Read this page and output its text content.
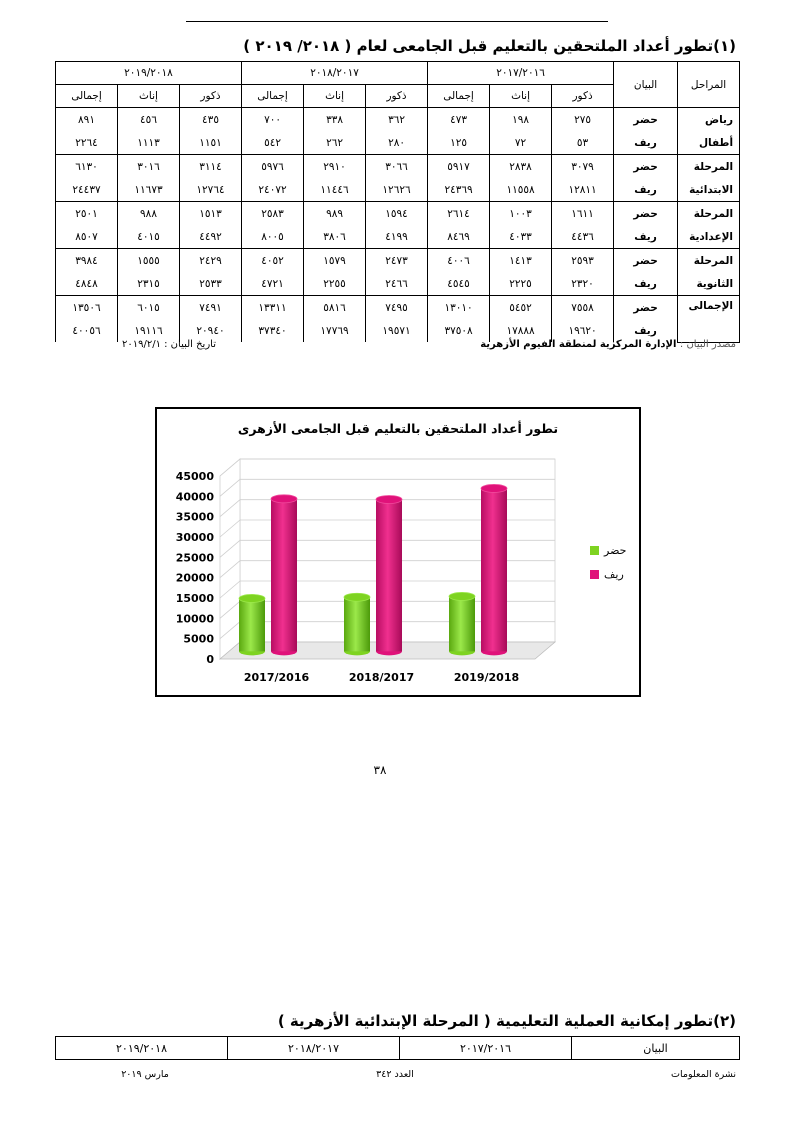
(١)تطور أعداد الملتحقين بالتعليم قبل الجامعى لعام ( ٢٠١٨/ ٢٠١٩ )
المراحل	البيان	٢٠١٧/٢٠١٦			٢٠١٨/٢٠١٧			٢٠١٩/٢٠١٨		
		ذكور	إناث	إجمالى	ذكور	إناث	إجمالى	ذكور	إناث	إجمالى
رياض	حضر	٢٧٥	١٩٨	٤٧٣	٣٦٢	٣٣٨	٧٠٠	٤٣٥	٤٥٦	٨٩١
أطفال	ريف	٥٣	٧٢	١٢٥	٢٨٠	٢٦٢	٥٤٢	١١٥١	١١١٣	٢٢٦٤
المرحلة	حضر	٣٠٧٩	٢٨٣٨	٥٩١٧	٣٠٦٦	٢٩١٠	٥٩٧٦	٣١١٤	٣٠١٦	٦١٣٠
الابتدائية	ريف	١٢٨١١	١١٥٥٨	٢٤٣٦٩	١٢٦٢٦	١١٤٤٦	٢٤٠٧٢	١٢٧٦٤	١١٦٧٣	٢٤٤٣٧
المرحلة	حضر	١٦١١	١٠٠٣	٢٦١٤	١٥٩٤	٩٨٩	٢٥٨٣	١٥١٣	٩٨٨	٢٥٠١
الإعدادية	ريف	٤٤٣٦	٤٠٣٣	٨٤٦٩	٤١٩٩	٣٨٠٦	٨٠٠٥	٤٤٩٢	٤٠١٥	٨٥٠٧
المرحلة	حضر	٢٥٩٣	١٤١٣	٤٠٠٦	٢٤٧٣	١٥٧٩	٤٠٥٢	٢٤٢٩	١٥٥٥	٣٩٨٤
الثانوية	ريف	٢٣٢٠	٢٢٢٥	٤٥٤٥	٢٤٦٦	٢٢٥٥	٤٧٢١	٢٥٣٣	٢٣١٥	٤٨٤٨
الإجمالى	حضر	٧٥٥٨	٥٤٥٢	١٣٠١٠	٧٤٩٥	٥٨١٦	١٣٣١١	٧٤٩١	٦٠١٥	١٣٥٠٦
	ريف	١٩٦٢٠	١٧٨٨٨	٣٧٥٠٨	١٩٥٧١	١٧٧٦٩	٣٧٣٤٠	٢٠٩٤٠	١٩١١٦	٤٠٠٥٦
مصدر البيان : الإدارة المركزية لمنطقة الفيوم الأزهرية
تاريخ البيان : ٢٠١٩/٢/١
تطور أعداد الملتحقين بالتعليم قبل الجامعى الأزهرى
0
5000
10000
15000
20000
25000
30000
35000
40000
45000
2017/2016	2018/2017	2019/2018
حضر
ريف
٣٨
(٢)تطور إمكانية العملية التعليمية ( المرحلة الإبتدائية الأزهرية )
البيان	٢٠١٧/٢٠١٦	٢٠١٨/٢٠١٧	٢٠١٩/٢٠١٨
نشرة المعلومات
العدد ٣٤٢
مارس ٢٠١٩
